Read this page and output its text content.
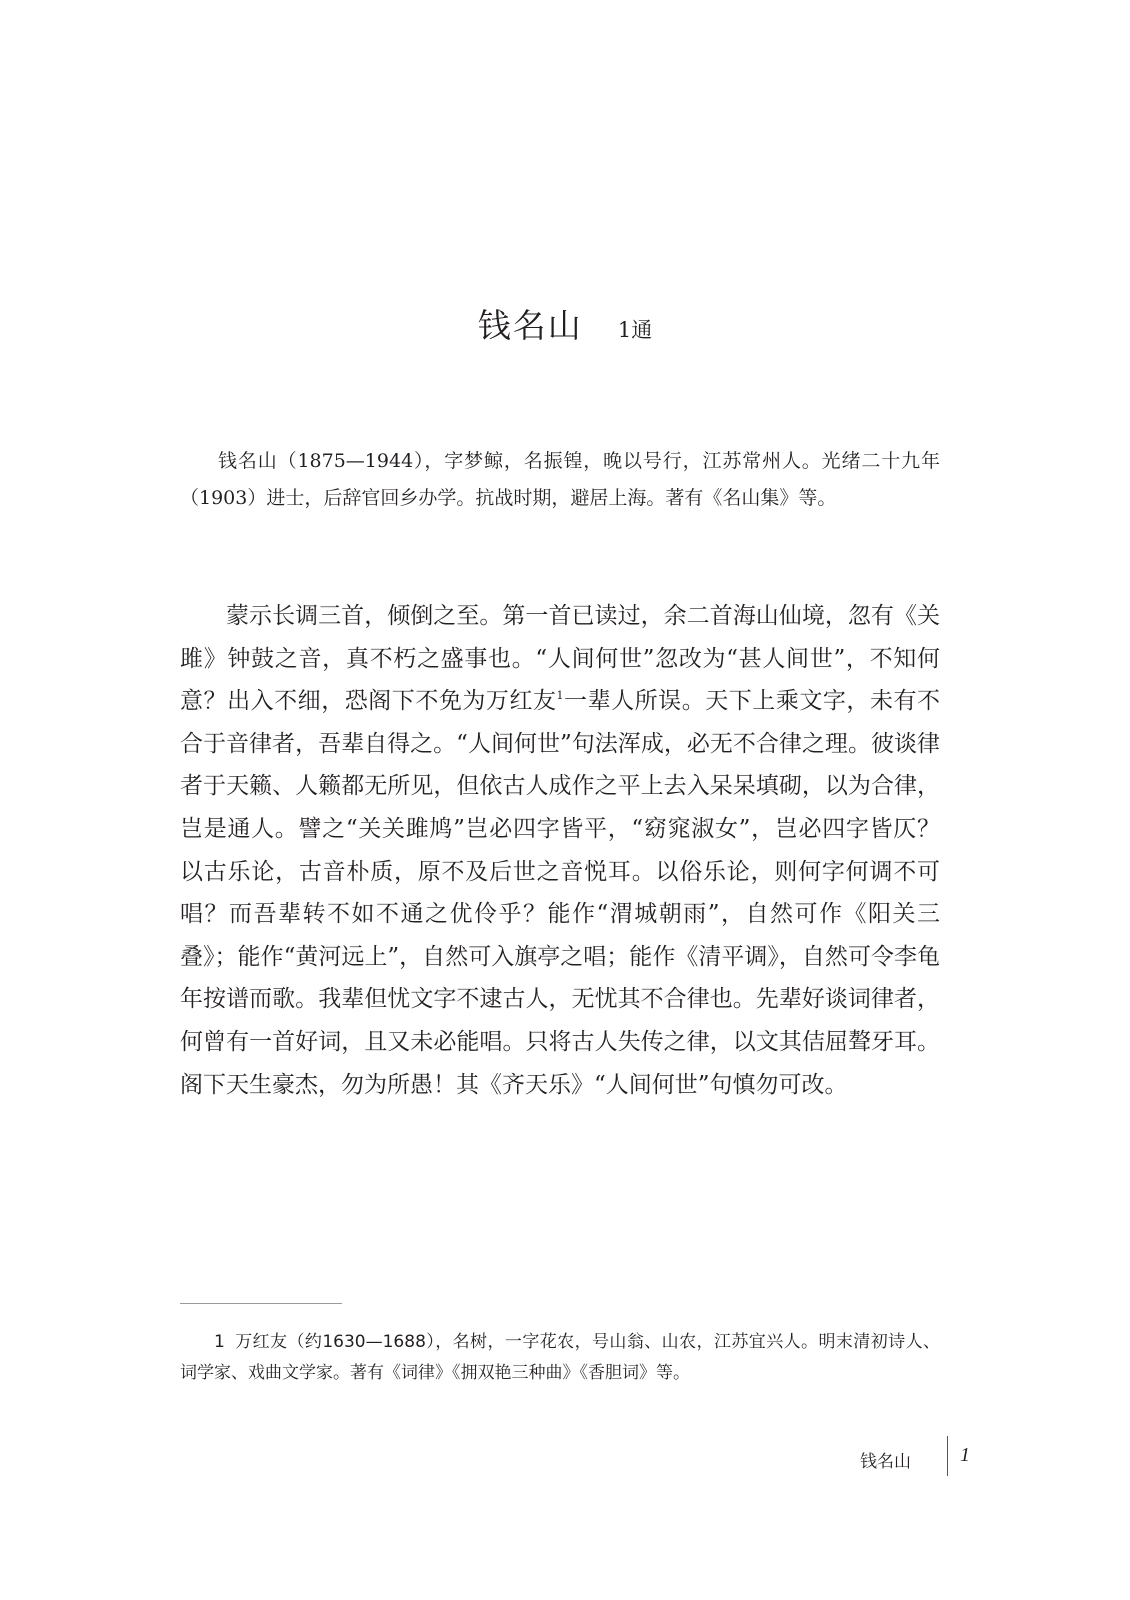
钱名山 1通

钱名山（1875—1944），字梦鲸，名振锽，晚以号行，江苏常州人。光绪二十九年（1903）进士，后辞官回乡办学。抗战时期，避居上海。著有《名山集》等。

蒙示长调三首，倾倒之至。第一首已读过，余二首海山仙境，忽有《关雎》钟鼓之音，真不朽之盛事也。“人间何世”忽改为“甚人间世”，不知何意？出入不细，恐阁下不免为万红友$^1$一辈人所误。天下上乘文字，未有不合于音律者，吾辈自得之。“人间何世”句法浑成，必无不合律之理。彼谈律者于天籁、人籁都无所见，但依古人成作之平上去入呆呆填砌，以为合律，岂是通人。譬之“关关雎鸠”岂必四字皆平，“窈窕淑女”，岂必四字皆仄？以古乐论，古音朴质，原不及后世之音悦耳。以俗乐论，则何字何调不可唱？而吾辈转不如不通之优伶乎？能作“渭城朝雨”，自然可作《阳关三叠》；能作“黄河远上”，自然可入旗亭之唱；能作《清平调》，自然可令李龟年按谱而歌。我辈但忧文字不逮古人，无忧其不合律也。先辈好谈词律者，何曾有一首好词，且又未必能唱。只将古人失传之律，以文其佶屈聱牙耳。阁下天生豪杰，勿为所愚！其《齐天乐》“人间何世”句慎勿可改。

1 万红友（约1630—1688），名树，一字花农，号山翁、山农，江苏宜兴人。明末清初诗人、词学家、戏曲文学家。著有《词律》《拥双艳三种曲》《香胆词》等。

钱名山 1
